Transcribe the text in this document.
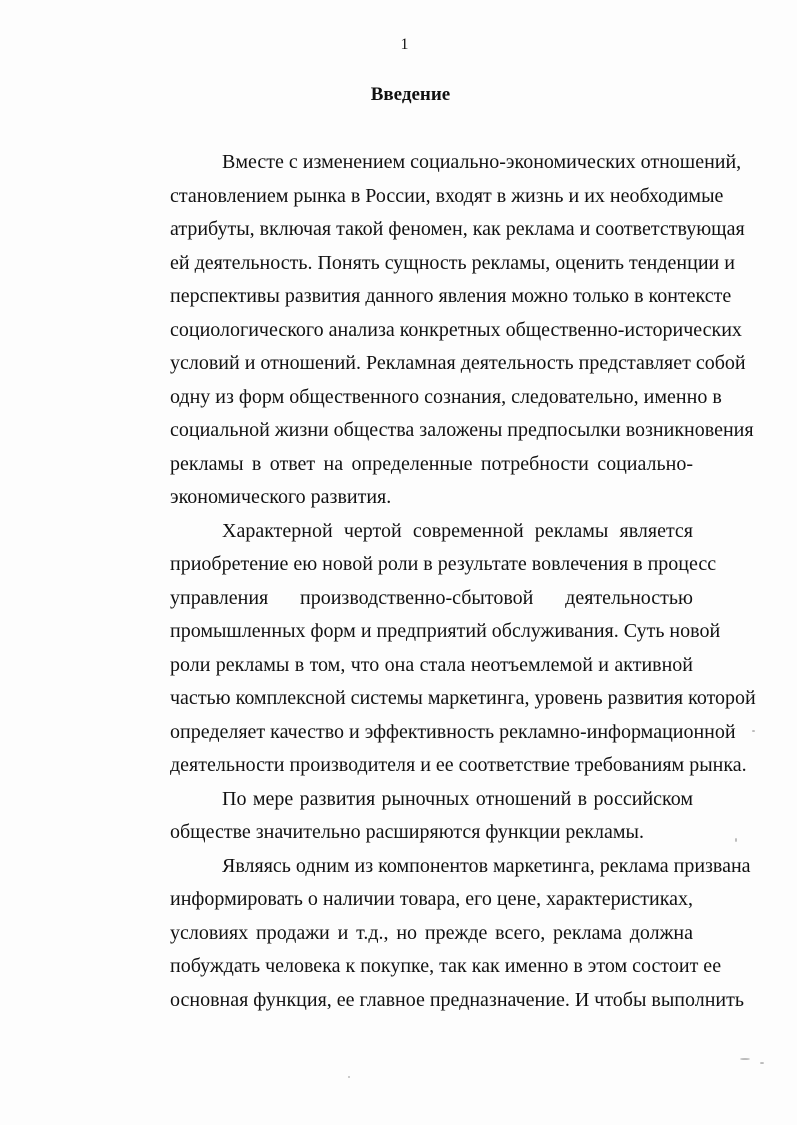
1
Введение
Вместе с изменением социально-экономических отношений,
становлением рынка в России, входят в жизнь и их необходимые
атрибуты, включая такой феномен, как реклама и соответствующая
ей деятельность. Понять сущность рекламы, оценить тенденции и
перспективы развития данного явления можно только в контексте
социологического анализа конкретных общественно-исторических
условий и отношений. Рекламная деятельность представляет собой
одну из форм общественного сознания, следовательно, именно в
социальной жизни общества заложены предпосылки возникновения
рекламы в ответ на определенные потребности социально-
экономического развития.
Характерной чертой современной рекламы является
приобретение ею новой роли в результате вовлечения в процесс
управления производственно-сбытовой деятельностью
промышленных форм и предприятий обслуживания. Суть новой
роли рекламы в том, что она стала неотъемлемой и активной
частью комплексной системы маркетинга, уровень развития которой
определяет качество и эффективность рекламно-информационной
деятельности производителя и ее соответствие требованиям рынка.
По мере развития рыночных отношений в российском
обществе значительно расширяются функции рекламы.
Являясь одним из компонентов маркетинга, реклама призвана
информировать о наличии товара, его цене, характеристиках,
условиях продажи и т.д., но прежде всего, реклама должна
побуждать человека к покупке, так как именно в этом состоит ее
основная функция, ее главное предназначение. И чтобы выполнить
